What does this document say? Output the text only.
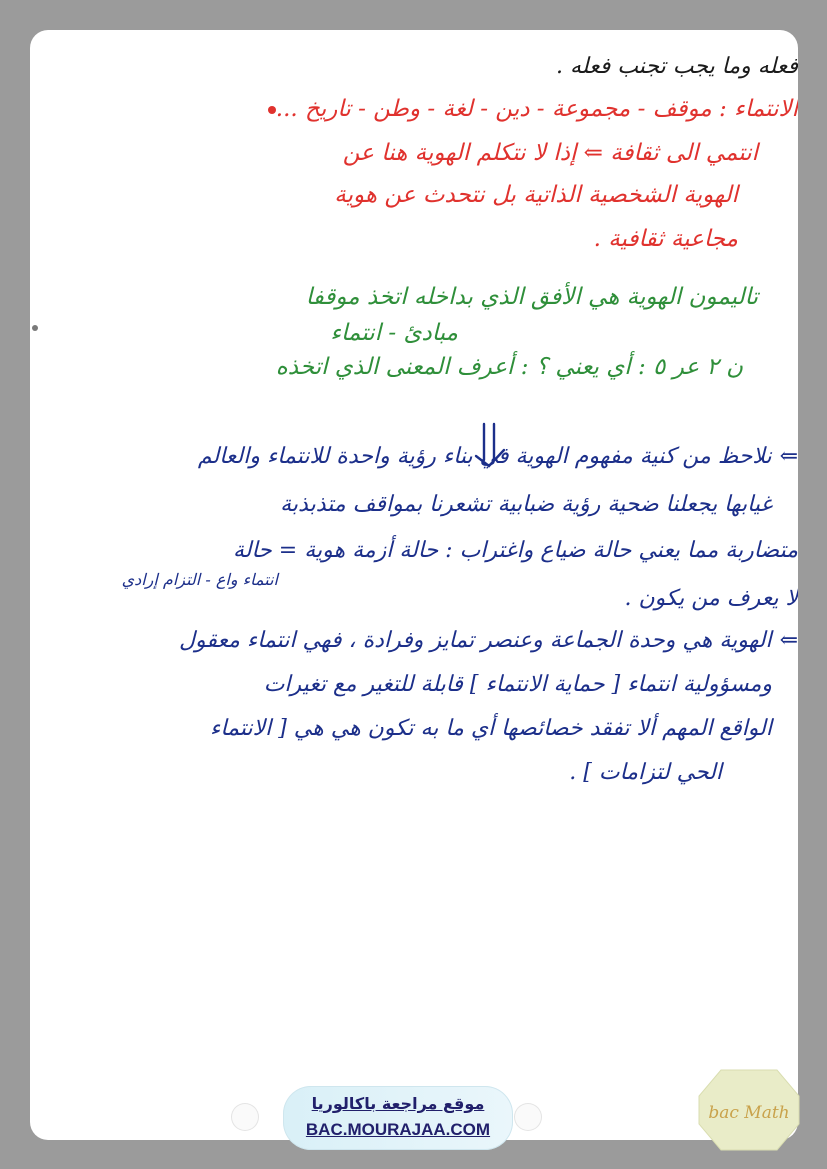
فعله وما يجب تجنب فعله .
الانتماء : موقف - مجموعة - دين - لغة - وطن - تاريخ ...
انتمي الى ثقافة ⇐ إذا لا نتكلم الهوية هنا عن
الهوية الشخصية الذاتية بل نتحدث عن هوية
مجاعية ثقافية .
تاليمون الهوية هي الأفق الذي بداخله اتخذ موقفا
مبادئ - انتماء
ن ٢ عر ٥ : أي يعني ؟ : أعرف المعنى الذي اتخذه
⇐نلاحظ من كنية مفهوم الهوية في بناء رؤية واحدة للانتماء والعالم
غيابها يجعلنا ضحية رؤية ضبابية تشعرنا بمواقف متذبذبة
متضاربة مما يعني حالة ضياع واغتراب : حالة أزمة هوية = حالة
انتماء واع - التزام إرادي
لا يعرف من يكون .
⇐الهوية هي وحدة الجماعة وعنصر تمايز وفرادة ، فهي انتماء معقول
ومسؤولية انتماء [ حماية الانتماء ] قابلة للتغير مع تغيرات
الواقع المهم ألا تفقد خصائصها أي ما به تكون هي هي [ الانتماء
الحي لتزامات ] .
موقع مراجعة باكالوريا
BAC.MOURAJAA.COM
bac Math
